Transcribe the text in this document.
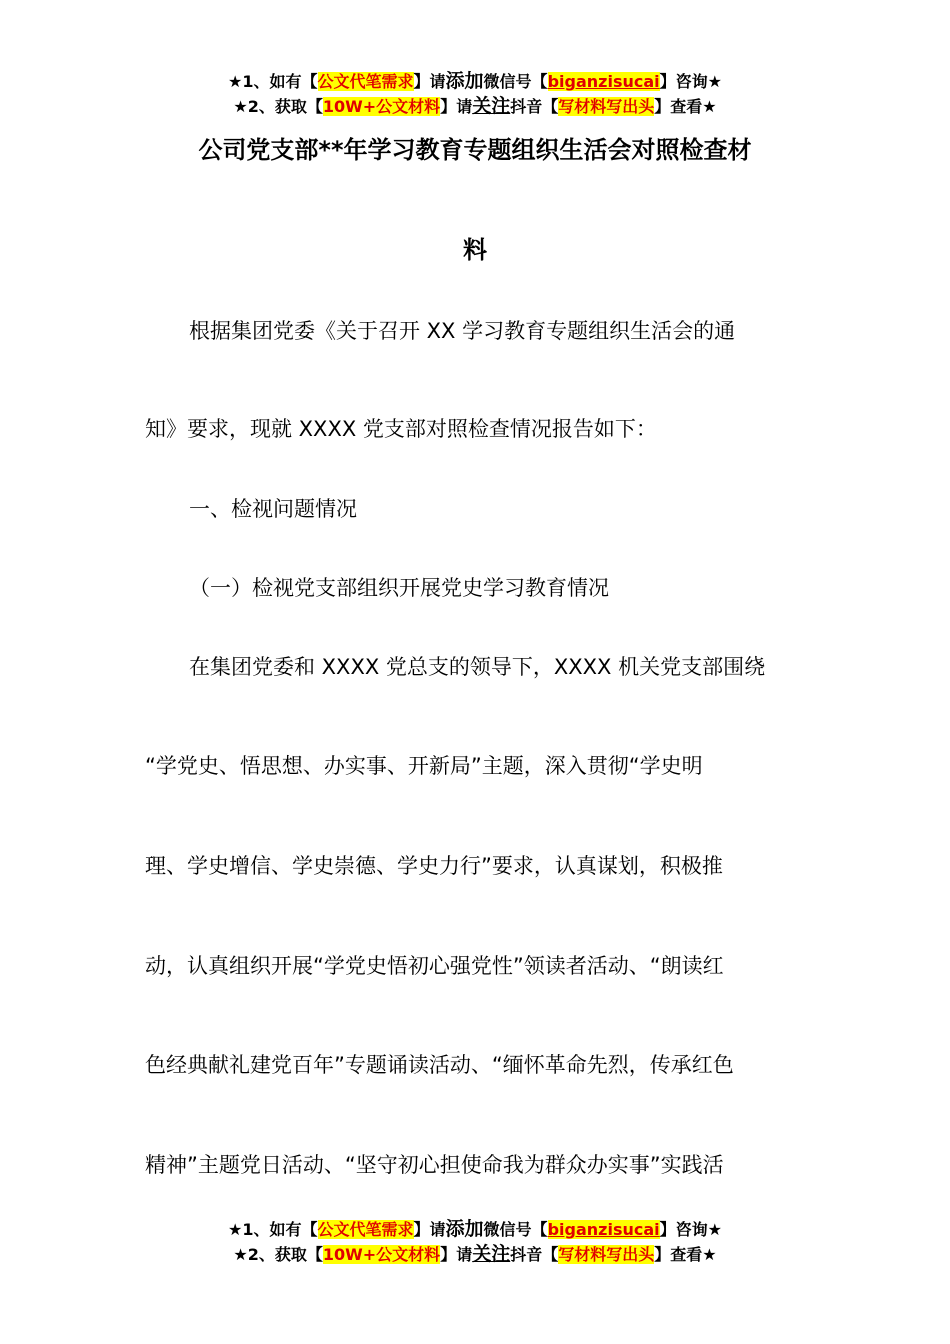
★1、如有【公文代笔需求】请添加微信号【biganzisucai】咨询★
★2、获取【10W+公文材料】请关注抖音【写材料写出头】查看★
公司党支部**年学习教育专题组织生活会对照检查材
料
根据集团党委《关于召开 XX 学习教育专题组织生活会的通
知》要求，现就 XXXX 党支部对照检查情况报告如下：
一、检视问题情况
（一）检视党支部组织开展党史学习教育情况
在集团党委和 XXXX 党总支的领导下，XXXX 机关党支部围绕
“学党史、悟思想、办实事、开新局”主题，深入贯彻“学史明
理、学史增信、学史崇德、学史力行”要求，认真谋划，积极推
动，认真组织开展“学党史悟初心强党性”领读者活动、“朗读红
色经典献礼建党百年”专题诵读活动、“缅怀革命先烈，传承红色
精神”主题党日活动、“坚守初心担使命我为群众办实事”实践活
★1、如有【公文代笔需求】请添加微信号【biganzisucai】咨询★
★2、获取【10W+公文材料】请关注抖音【写材料写出头】查看★
